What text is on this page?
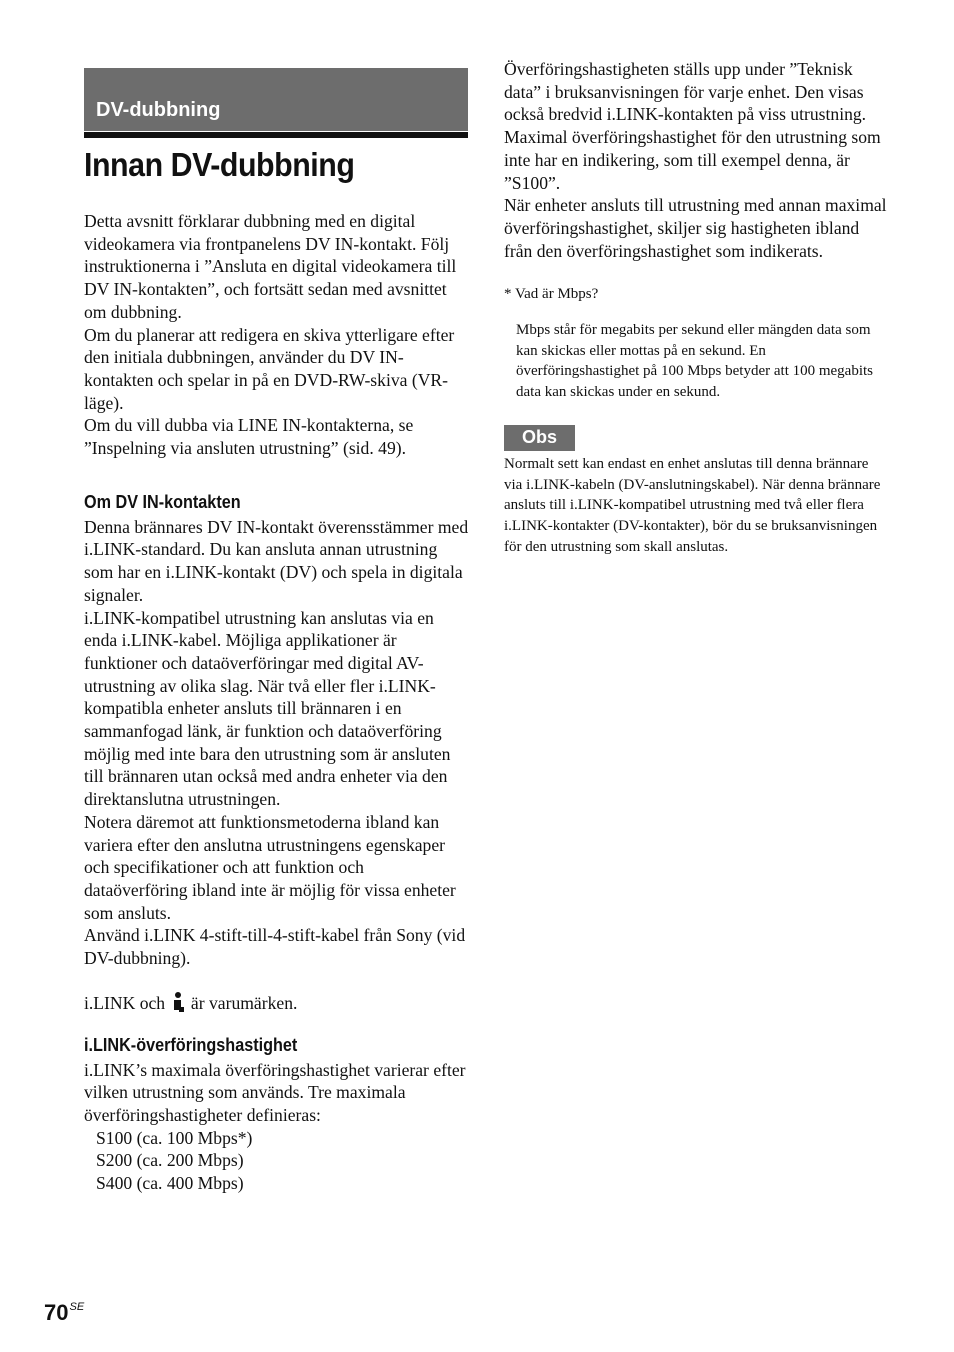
DV-dubbning
Innan DV-dubbning

Detta avsnitt förklarar dubbning med en digital videokamera via frontpanelens DV IN-kontakt. Följ instruktionerna i ”Ansluta en digital videokamera till DV IN-kontakten”, och fortsätt sedan med avsnittet om dubbning.

Om du planerar att redigera en skiva ytterligare efter den initiala dubbningen, använder du DV IN-kontakten och spelar in på en DVD-RW-skiva (VR-läge).

Om du vill dubba via LINE IN-kontakterna, se ”Inspelning via ansluten utrustning” (sid. 49).

Om DV IN-kontakten

Denna brännares DV IN-kontakt överensstämmer med i.LINK-standard. Du kan ansluta annan utrustning som har en i.LINK-kontakt (DV) och spela in digitala signaler.

i.LINK-kompatibel utrustning kan anslutas via en enda i.LINK-kabel. Möjliga applikationer är funktioner och dataöverföringar med digital AV-utrustning av olika slag. När två eller fler i.LINK-kompatibla enheter ansluts till brännaren i en sammanfogad länk, är funktion och dataöverföring möjlig med inte bara den utrustning som är ansluten till brännaren utan också med andra enheter via den direktanslutna utrustningen.

Notera däremot att funktionsmetoderna ibland kan variera efter den anslutna utrustningens egenskaper och specifikationer och att funktion och dataöverföring ibland inte är möjlig för vissa enheter som ansluts.

Använd i.LINK 4-stift-till-4-stift-kabel från Sony (vid DV-dubbning).

i.LINK och är varumärken.
i.LINK-överföringshastighet

i.LINK’s maximala överföringshastighet varierar efter vilken utrustning som används. Tre maximala överföringshastigheter definieras:

S100 (ca. 100 Mbps*)

S200 (ca. 200 Mbps)

S400 (ca. 400 Mbps)

Överföringshastigheten ställs upp under ”Teknisk data” i bruksanvisningen för varje enhet. Den visas också bredvid i.LINK-kontakten på viss utrustning.

Maximal överföringshastighet för den utrustning som inte har en indikering, som till exempel denna, är ”S100”.

När enheter ansluts till utrustning med annan maximal överföringshastighet, skiljer sig hastigheten ibland från den överföringshastighet som indikerats.

* Vad är Mbps?

Mbps står för megabits per sekund eller mängden data som kan skickas eller mottas på en sekund. En överföringshastighet på 100 Mbps betyder att 100 megabits data kan skickas under en sekund.

Obs

Normalt sett kan endast en enhet anslutas till denna brännare via i.LINK-kabeln (DV-anslutningskabel). När denna brännare ansluts till i.LINK-kompatibel utrustning med två eller flera i.LINK-kontakter (DV-kontakter), bör du se bruksanvisningen för den utrustning som skall anslutas.

$70^{SE}$
